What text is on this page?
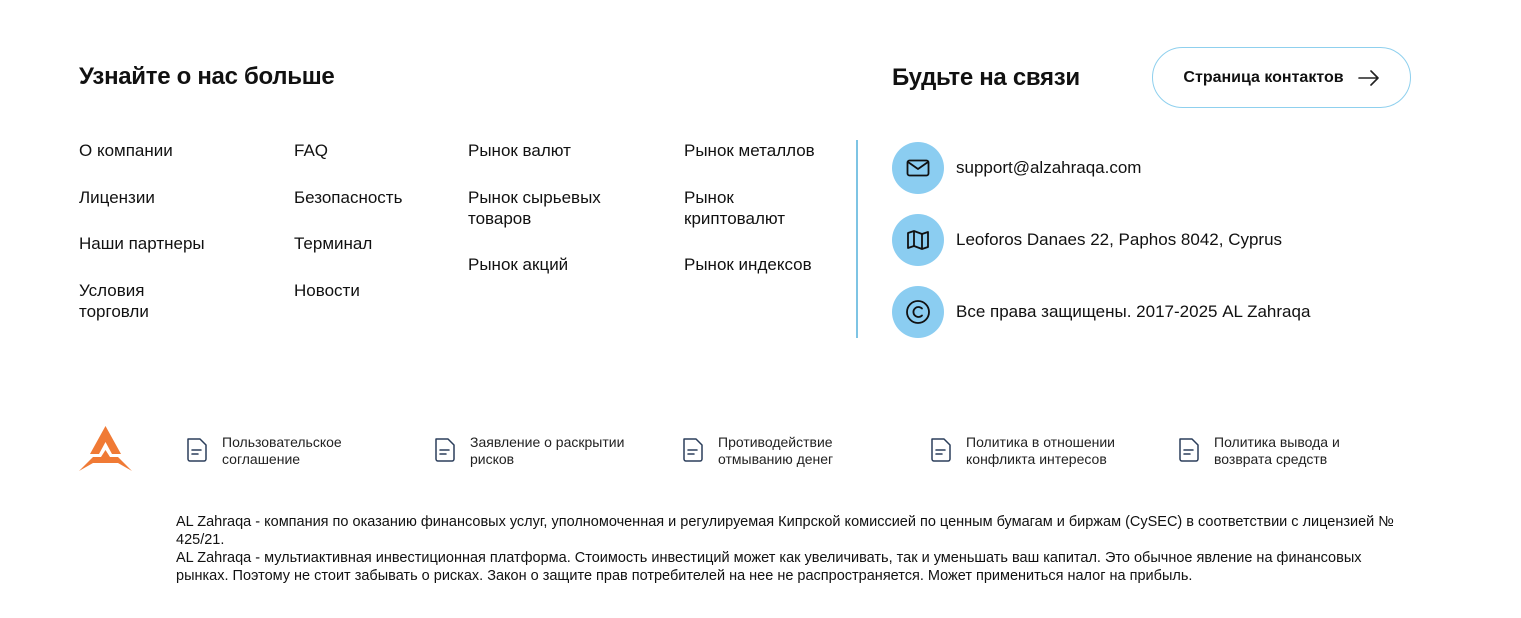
Узнайте о нас больше
О компании
Лицензии
Наши партнеры
Условия торговли
FAQ
Безопасность
Терминал
Новости
Рынок валют
Рынок сырьевых товаров
Рынок акций
Рынок металлов
Рынок криптовалют
Рынок индексов
Будьте на связи	Страница контактов
support@alzahraqa.com
Leoforos Danaes 22, Paphos 8042, Cyprus
Все права защищены. 2017-2025 AL Zahraqa
Пользовательское соглашение
Заявление о раскрытии рисков
Противодействие отмыванию денег
Политика в отношении конфликта интересов
Политика вывода и возврата средств

AL Zahraqa - компания по оказанию финансовых услуг, уполномоченная и регулируемая Кипрской комиссией по ценным бумагам и биржам (CySEC) в соответствии с лицензией № 425/21.

AL Zahraqa - мультиактивная инвестиционная платформа. Стоимость инвестиций может как увеличивать, так и уменьшать ваш капитал. Это обычное явление на финансовых рынках. Поэтому не стоит забывать о рисках. Закон о защите прав потребителей на нее не распространяется. Может примениться налог на прибыль.
